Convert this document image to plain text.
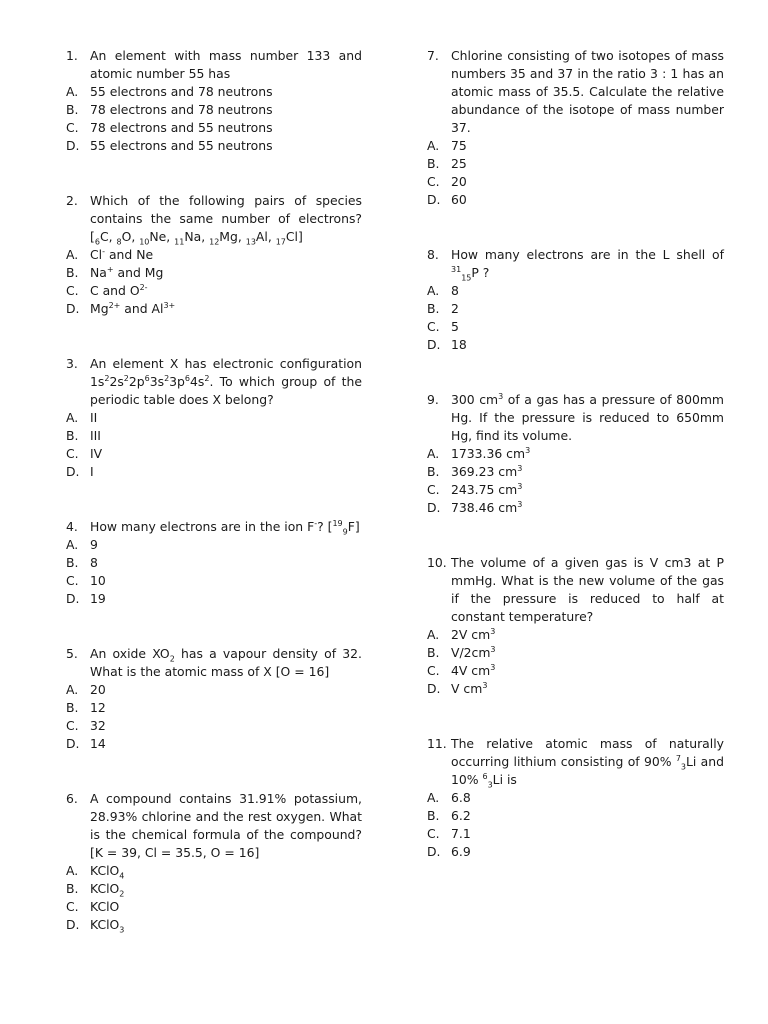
1. An element with mass number 133 and atomic number 55 has
A. 55 electrons and 78 neutrons
B. 78 electrons and 78 neutrons
C. 78 electrons and 55 neutrons
D. 55 electrons and 55 neutrons
2. Which of the following pairs of species contains the same number of electrons? [$_6C$, $_8$O, $_{10}$Ne, $_{11}$Na, $_{12}$Mg, $_{13}$Al, $_{17}$Cl]
A. Cl- and Ne
B. Na+ and Mg
C. C and $O^{2-}$
D. $Mg^{2+}$ and $Al^{3+}$
3. An element X has electronic configuration $1s^22s^22p^63s^23p^64s^2$. To which group of the periodic table does X belong?
A. II
B. III
C. IV
D. I
4. How many electrons are in the ion F-? [$^{19}_9$F]
A. 9
B. 8
C. 10
D. 19
5. An oxide $XO_2$ has a vapour density of 32. What is the atomic mass of X [O = 16]
A. 20
B. 12
C. 32
D. 14
6. A compound contains 31.91% potassium, 28.93% chlorine and the rest oxygen. What is the chemical formula of the compound? [K = 39, Cl = 35.5, O = 16]
A. KClO$_4$
B. KClO$_2$
C. KClO
D. KClO$_3$
7. Chlorine consisting of two isotopes of mass numbers 35 and 37 in the ratio 3 : 1 has an atomic mass of 35.5. Calculate the relative abundance of the isotope of mass number 37.
A. 75
B. 25
C. 20
D. 60
8. How many electrons are in the L shell of $^{31}_{15}$P ?
A. 8
B. 2
C. 5
D. 18
9. 300 $cm^3$ of a gas has a pressure of 800mm Hg. If the pressure is reduced to 650mm Hg, find its volume.
A. 1733.36 $cm^3$
B. 369.23 $cm^3$
C. 243.75 $cm^3$
D. 738.46 $cm^3$
10. The volume of a given gas is V cm3 at P mmHg. What is the new volume of the gas if the pressure is reduced to half at constant temperature?
A. 2V $cm^3$
B. $V/2cm^3$
C. 4V $cm^3$
D. V $cm^3$
11. The relative atomic mass of naturally occurring lithium consisting of 90% $^7_3$Li and 10% $^6_3$Li is
A. 6.8
B. 6.2
C. 7.1
D. 6.9
